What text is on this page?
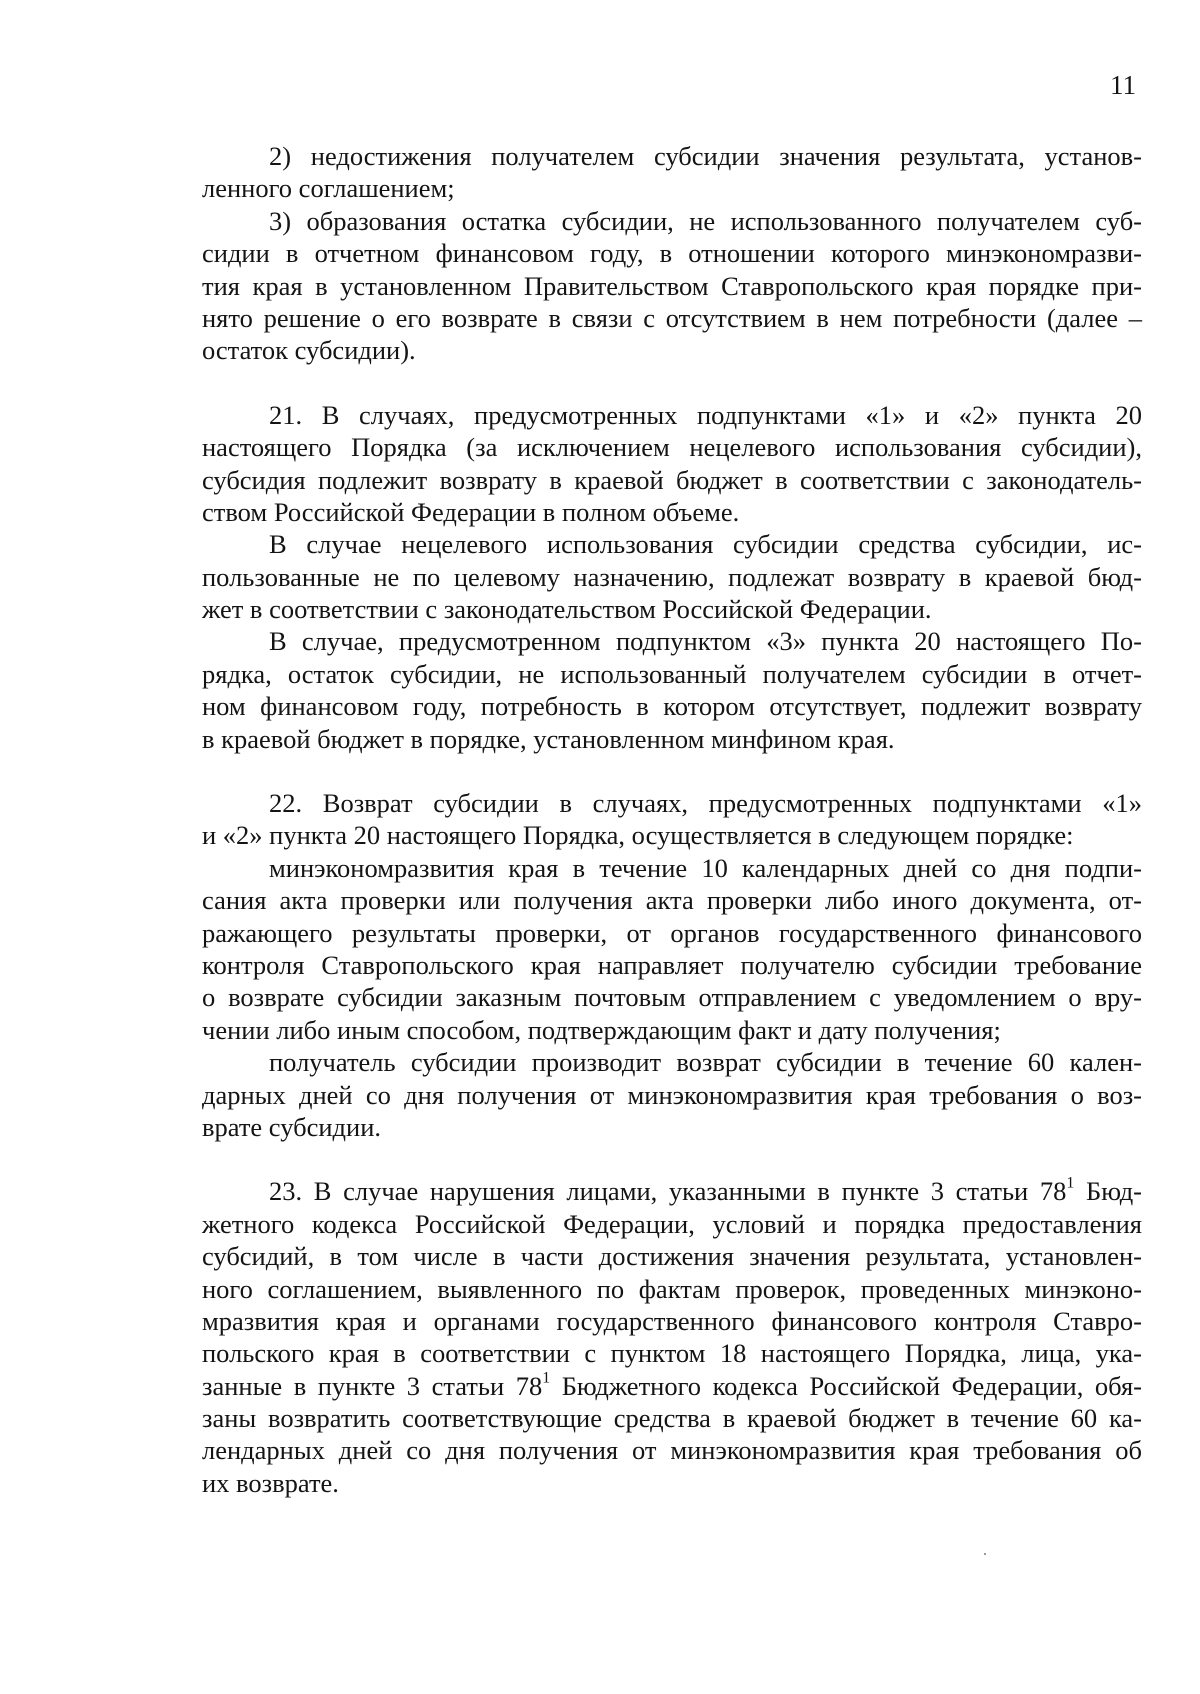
11
2) недостижения получателем субсидии значения результата, установ-
ленного соглашением;
3) образования остатка субсидии, не использованного получателем суб-
сидии в отчетном финансовом году, в отношении которого минэкономразви-
тия края в установленном Правительством Ставропольского края порядке при-
нято решение о его возврате в связи с отсутствием в нем потребности (далее –
остаток субсидии).
21. В случаях, предусмотренных подпунктами «1» и «2» пункта 20
настоящего Порядка (за исключением нецелевого использования субсидии),
субсидия подлежит возврату в краевой бюджет в соответствии с законодатель-
ством Российской Федерации в полном объеме.
В случае нецелевого использования субсидии средства субсидии, ис-
пользованные не по целевому назначению, подлежат возврату в краевой бюд-
жет в соответствии с законодательством Российской Федерации.
В случае, предусмотренном подпунктом «3» пункта 20 настоящего По-
рядка, остаток субсидии, не использованный получателем субсидии в отчет-
ном финансовом году, потребность в котором отсутствует, подлежит возврату
в краевой бюджет в порядке, установленном минфином края.
22. Возврат субсидии в случаях, предусмотренных подпунктами «1»
и «2» пункта 20 настоящего Порядка, осуществляется в следующем порядке:
минэкономразвития края в течение 10 календарных дней со дня подпи-
сания акта проверки или получения акта проверки либо иного документа, от-
ражающего результаты проверки, от органов государственного финансового
контроля Ставропольского края направляет получателю субсидии требование
о возврате субсидии заказным почтовым отправлением с уведомлением о вру-
чении либо иным способом, подтверждающим факт и дату получения;
получатель субсидии производит возврат субсидии в течение 60 кален-
дарных дней со дня получения от минэкономразвития края требования о воз-
врате субсидии.
23. В случае нарушения лицами, указанными в пункте 3 статьи $78^1$ Бюд-
жетного кодекса Российской Федерации, условий и порядка предоставления
субсидий, в том числе в части достижения значения результата, установлен-
ного соглашением, выявленного по фактам проверок, проведенных минэконо-
мразвития края и органами государственного финансового контроля Ставро-
польского края в соответствии с пунктом 18 настоящего Порядка, лица, ука-
занные в пункте 3 статьи $78^1$ Бюджетного кодекса Российской Федерации, обя-
заны возвратить соответствующие средства в краевой бюджет в течение 60 ка-
лендарных дней со дня получения от минэкономразвития края требования об
их возврате.
